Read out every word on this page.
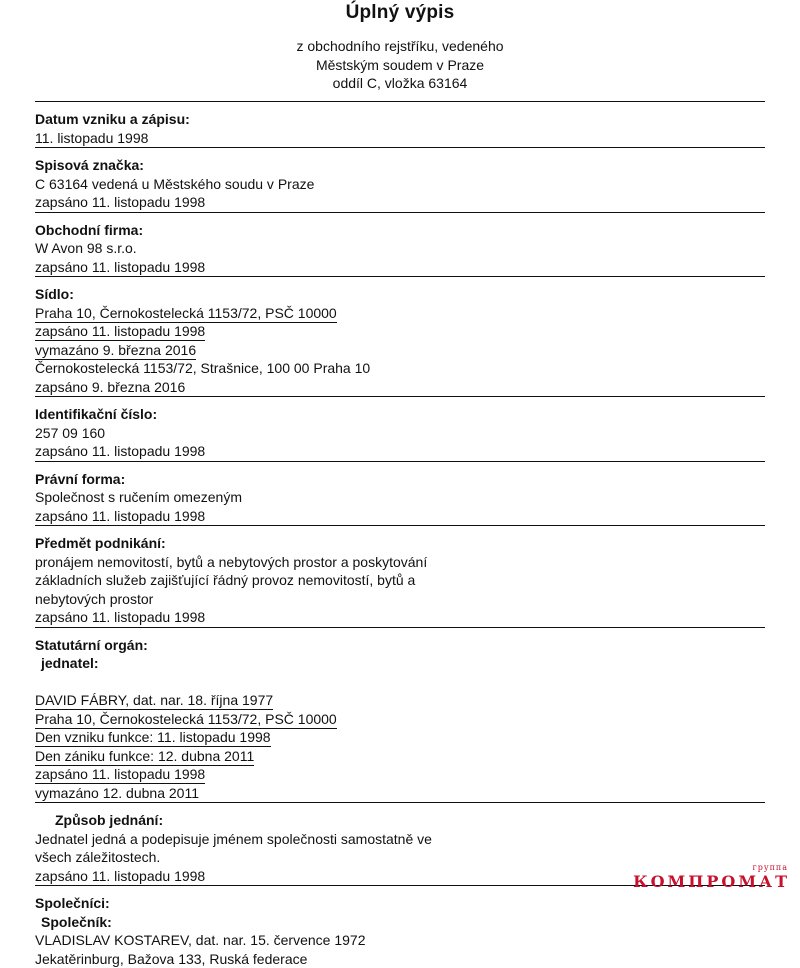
Úplný výpis
z obchodního rejstříku, vedeného
Městským soudem v Praze
oddíl C, vložka 63164
Datum vzniku a zápisu:
11. listopadu 1998
Spisová značka:
C 63164 vedená u Městského soudu v Praze
zapsáno 11. listopadu 1998
Obchodní firma:
W Avon 98 s.r.o.
zapsáno 11. listopadu 1998
Sídlo:
Praha 10, Černokostelecká 1153/72, PSČ 10000
zapsáno 11. listopadu 1998
vymazáno 9. března 2016
Černokostelecká 1153/72, Strašnice, 100 00 Praha 10
zapsáno 9. března 2016
Identifikační číslo:
257 09 160
zapsáno 11. listopadu 1998
Právní forma:
Společnost s ručením omezeným
zapsáno 11. listopadu 1998
Předmět podnikání:
pronájem nemovitostí, bytů a nebytových prostor a poskytování
základních služeb zajišťující řádný provoz nemovitostí, bytů a
nebytových prostor
zapsáno 11. listopadu 1998
Statutární orgán:
jednatel:
DAVID FÁBRY, dat. nar. 18. října 1977
Praha 10, Černokostelecká 1153/72, PSČ 10000
Den vzniku funkce: 11. listopadu 1998
Den zániku funkce: 12. dubna 2011
zapsáno 11. listopadu 1998
vymazáno 12. dubna 2011
Způsob jednání:
Jednatel jedná a podepisuje jménem společnosti samostatně ve
všech záležitostech.
zapsáno 11. listopadu 1998
Společníci:
Společník:
VLADISLAV KOSTAREV, dat. nar. 15. července 1972
Jekatěrinburg, Bažova 133, Ruská federace
группа
КОМПРОМАТ
